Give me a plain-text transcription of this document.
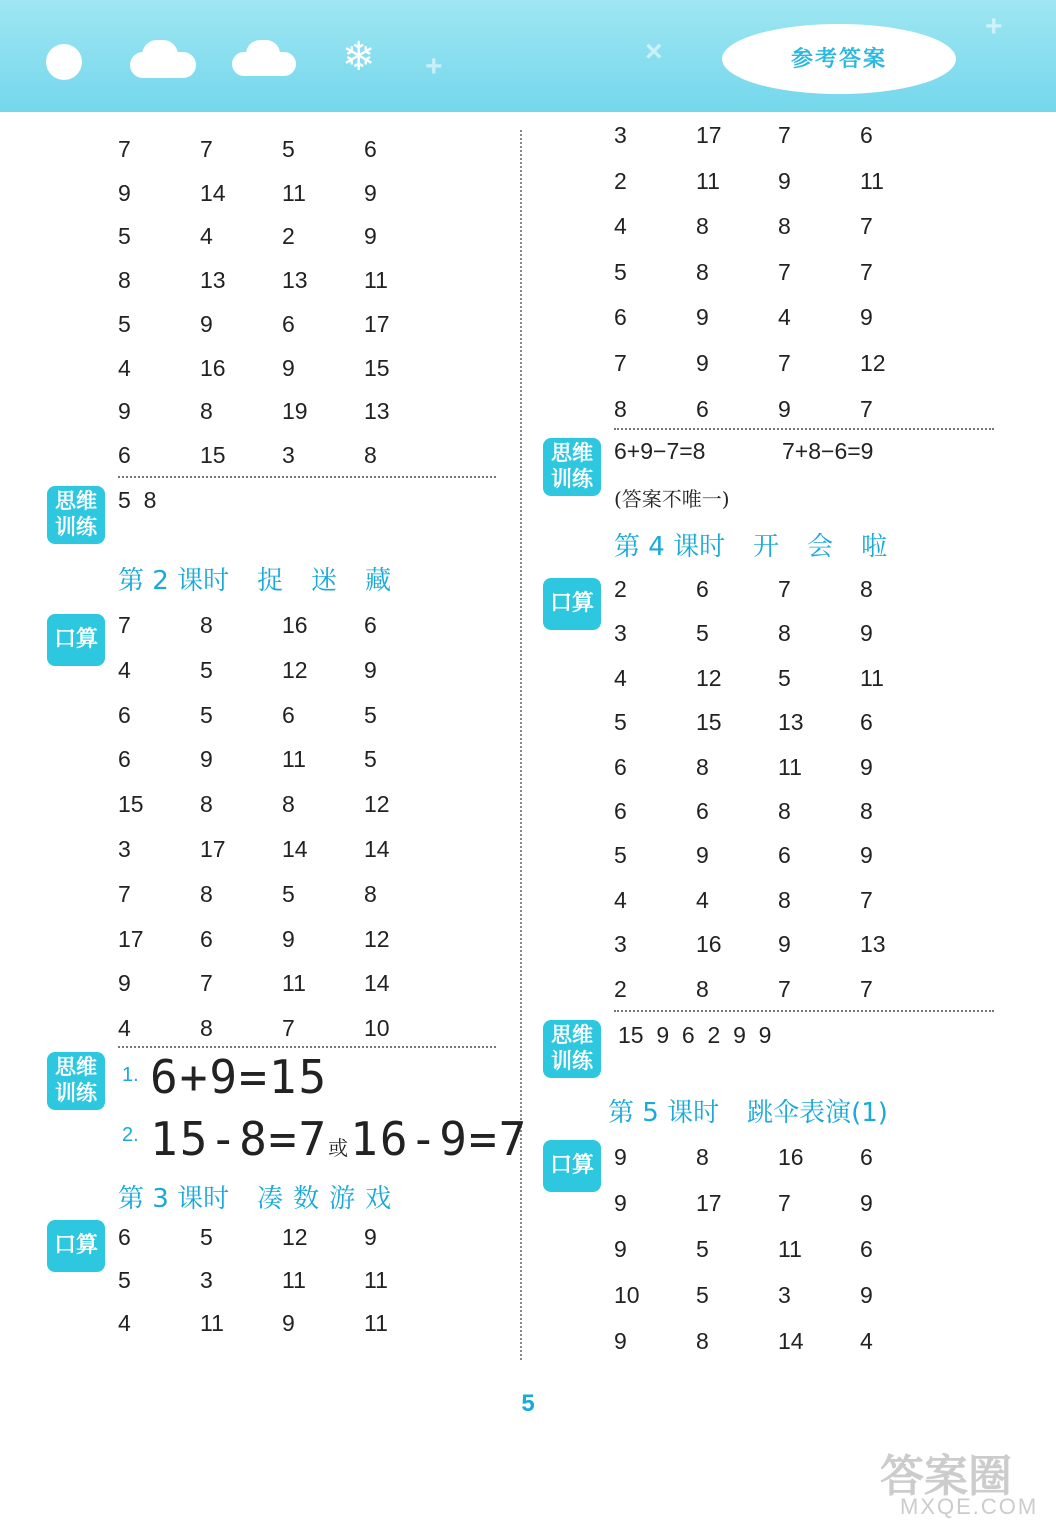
❄ +	×
+
参考答案
7	7	5	6
9	14 11	9
5	4	2	9
8	13 13 11
5	9	6	17
4	16 9	15
9	8	19 13
6	15 3	8
思维
训练
5  8
第 2 课时 捉 迷 藏
口算
7	8	16 6
4	5	12 9
6	5	6	5
6	9	11	5
15 8	8	12
3	17 14 14
7	8	5	8
17 6	9	12
9	7	11	14
4	8	7	10
思维
训练
1. 6+9=15
2. 15-8=7或16-9=7
第 3 课时 凑 数 游 戏
口算 6	5	12 9
5	3	11	11
4	11	9	11
3	17 7	6
2	11	9	11
4	8	8	7
5	8	7	7
6	9	4	9
7	9	7	12
8	6	9	7
思维
训练
6+9−7=8	7+8−6=9
(答案不唯一)
第 4 课时 开 会 啦
口算
2	6	7	8
3	5	8	9
4	12 5	11
5	15 13 6
6	8	11	9
6	6	8	8
5	9	6	9
4	4	8	7
3	16 9	13
2	8	7	7
思维
训练
15  9  6  2  9  9
第 5 课时 跳伞表演(1)
口算 9	8	16 6
9	17 7	9
9	5	11	6
10 5	3	9
9	8	14 4
5
答案圈
MXQE.COM
